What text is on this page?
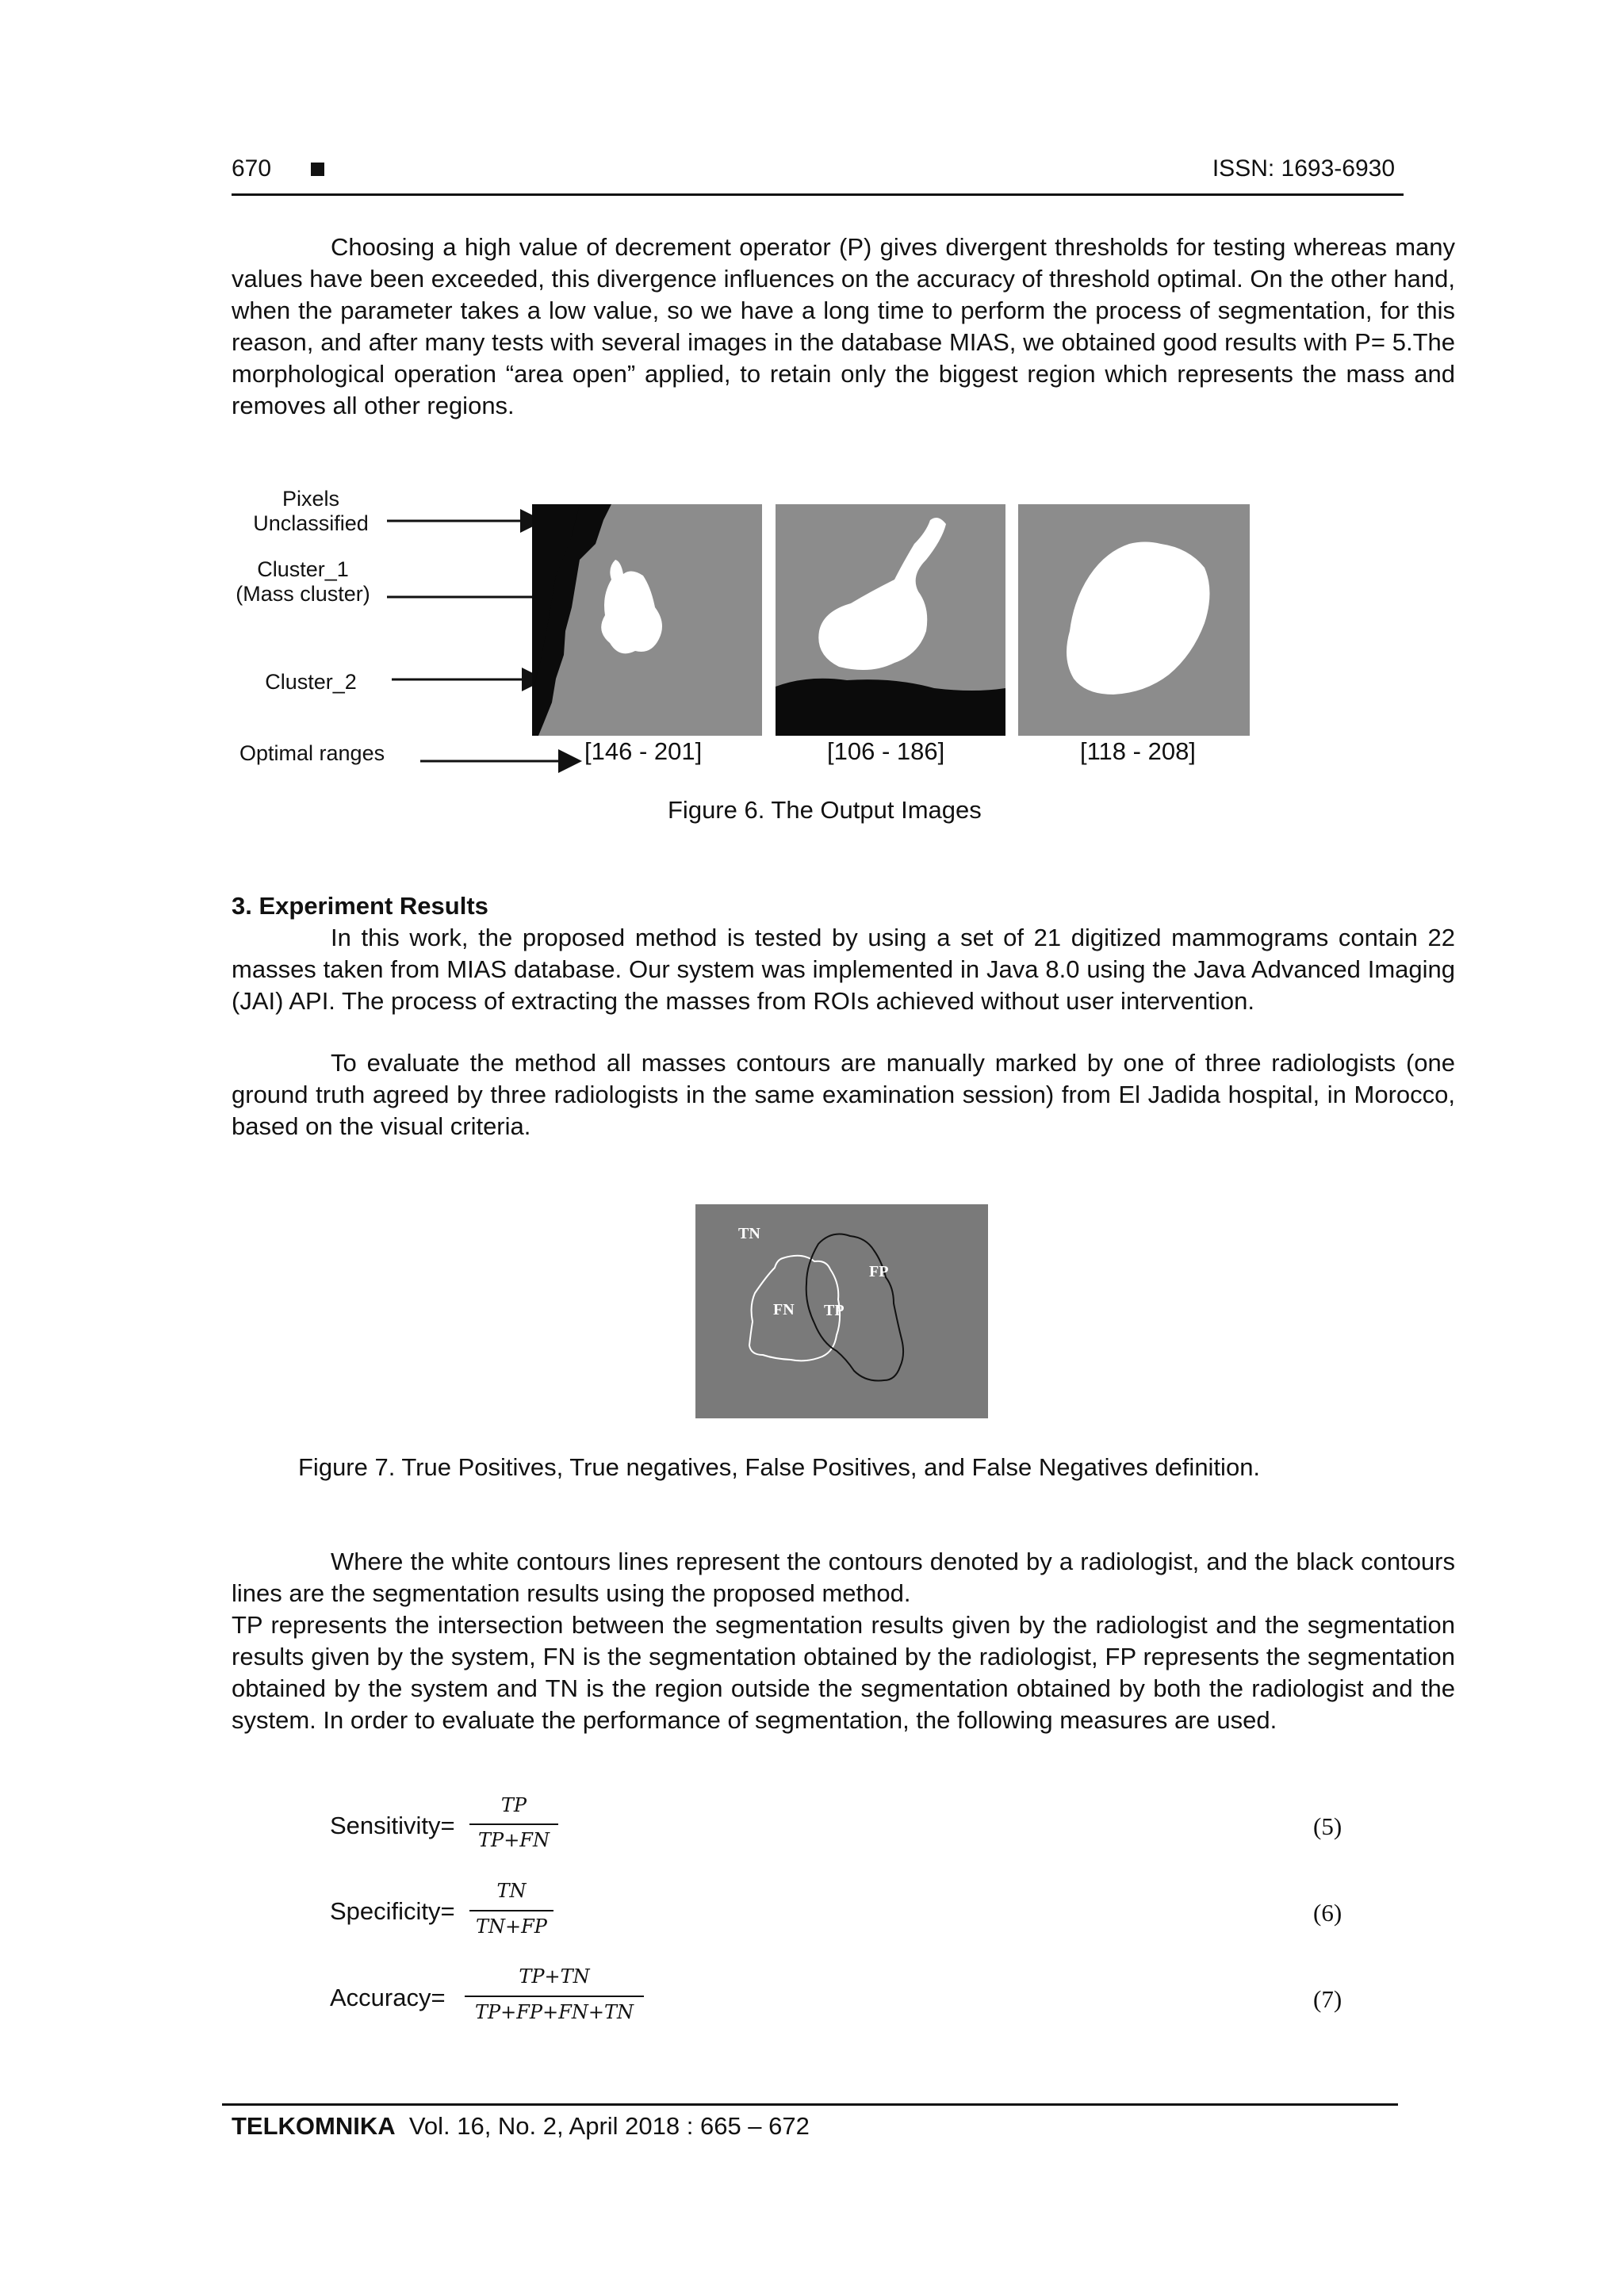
670	ISSN: 1693-6930
Choosing a high value of decrement operator (P) gives divergent thresholds for testing whereas many values have been exceeded, this divergence influences on the accuracy of threshold optimal. On the other hand, when the parameter takes a low value, so we have a long time to perform the process of segmentation, for this reason, and after many tests with several images in the database MIAS, we obtained good results with P= 5.The morphological operation “area open” applied, to retain only the biggest region which represents the mass and removes all other regions.
Pixels
Unclassified
Cluster_1
(Mass cluster)
Cluster_2
Optimal ranges	[146 - 201]	[106 - 186]	[118 - 208]
Figure 6. The Output Images
3. Experiment Results
In this work, the proposed method is tested by using a set of 21 digitized mammograms contain 22 masses taken from MIAS database. Our system was implemented in Java 8.0 using the Java Advanced Imaging (JAI) API. The process of extracting the masses from ROIs achieved without user intervention.
To evaluate the method all masses contours are manually marked by one of three radiologists (one ground truth agreed by three radiologists in the same examination session) from El Jadida hospital, in Morocco, based on the visual criteria.
TN
FP
FN TP
Figure 7. True Positives, True negatives, False Positives, and False Negatives definition.
Where the white contours lines represent the contours denoted by a radiologist, and the black contours lines are the segmentation results using the proposed method.
TP represents the intersection between the segmentation results given by the radiologist and the segmentation results given by the system, FN is the segmentation obtained by the radiologist, FP represents the segmentation obtained by the system and TN is the region outside the segmentation obtained by both the radiologist and the system. In order to evaluate the performance of segmentation, the following measures are used.
Sensitivity=
TP
TP+FN	(5)
Specificity=
TN
TN+FP	(6)
Accuracy=
TP+TN
TP+FP+FN+TN	(7)
TELKOMNIKA Vol. 16, No. 2, April 2018 : 665 – 672
